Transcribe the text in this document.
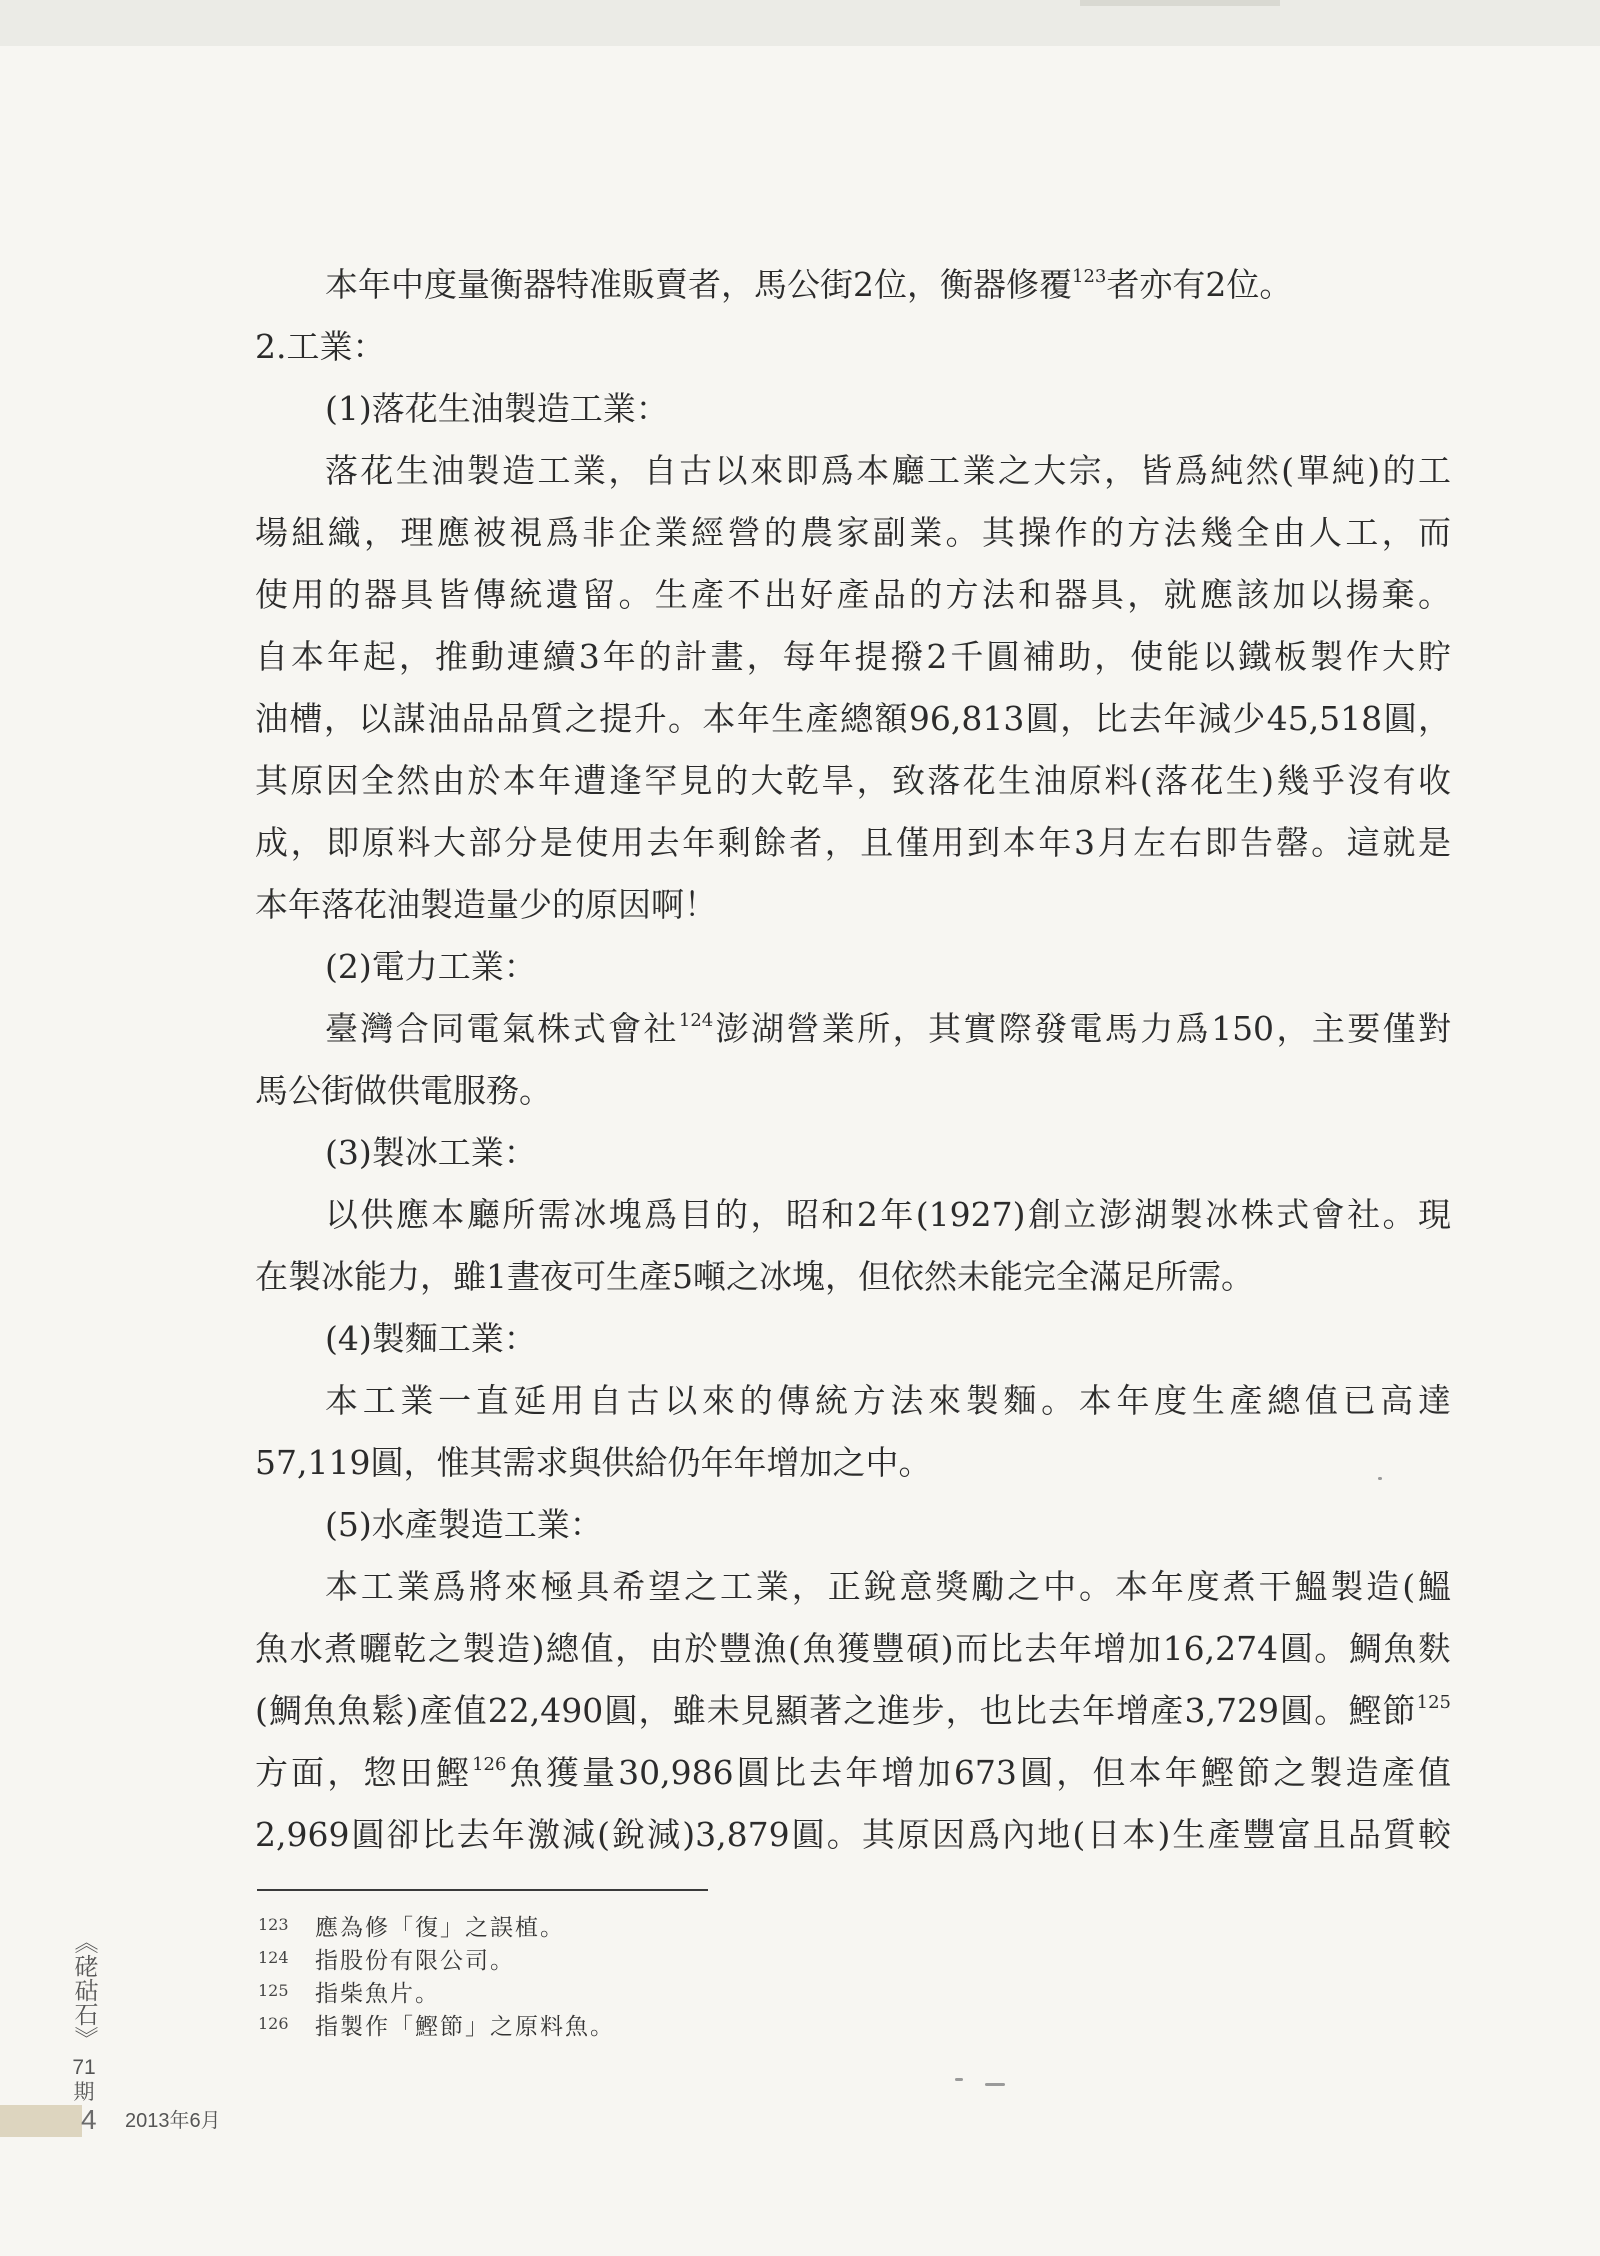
本年中度量衡器特准販賣者，馬公街2位，衡器修覆$^{123}$者亦有2位。
2.工業：
(1)落花生油製造工業：
落花生油製造工業，自古以來即爲本廳工業之大宗，皆爲純然(單純)的工
場組織，理應被視爲非企業經營的農家副業。其操作的方法幾全由人工，而
使用的器具皆傳統遺留。生產不出好產品的方法和器具，就應該加以揚棄。
自本年起，推動連續3年的計畫，每年提撥2千圓補助，使能以鐵板製作大貯
油槽，以謀油品品質之提升。本年生產總額96,813圓，比去年減少45,518圓，
其原因全然由於本年遭逢罕見的大乾旱，致落花生油原料(落花生)幾乎沒有收
成，即原料大部分是使用去年剩餘者，且僅用到本年3月左右即告罄。這就是
本年落花油製造量少的原因啊！
(2)電力工業：
臺灣合同電氣株式會社$^{124}$澎湖營業所，其實際發電馬力爲150，主要僅對
馬公街做供電服務。
(3)製冰工業：
以供應本廳所需冰塊爲目的，昭和2年(1927)創立澎湖製冰株式會社。現
在製冰能力，雖1晝夜可生產5噸之冰塊，但依然未能完全滿足所需。
(4)製麵工業：
本工業一直延用自古以來的傳統方法來製麵。本年度生產總值已高達
57,119圓，惟其需求與供給仍年年增加之中。
(5)水產製造工業：
本工業爲將來極具希望之工業，正銳意獎勵之中。本年度煮干鰮製造(鰮
魚水煮曬乾之製造)總值，由於豐漁(魚獲豐碩)而比去年增加16,274圓。鯛魚麩
(鯛魚魚鬆)產值22,490圓，雖未見顯著之進步，也比去年增產3,729圓。鰹節$^{125}$
方面，惣田鰹$^{126}$魚獲量30,986圓比去年增加673圓，但本年鰹節之製造產值
2,969圓卻比去年激減(銳減)3,879圓。其原因爲內地(日本)生產豐富且品質較
123 應為修「復」之誤植。
124 指股份有限公司。
125 指柴魚片。
126 指製作「鰹節」之原料魚。
《硓𥑮石》
71
期
4 2013年6月
